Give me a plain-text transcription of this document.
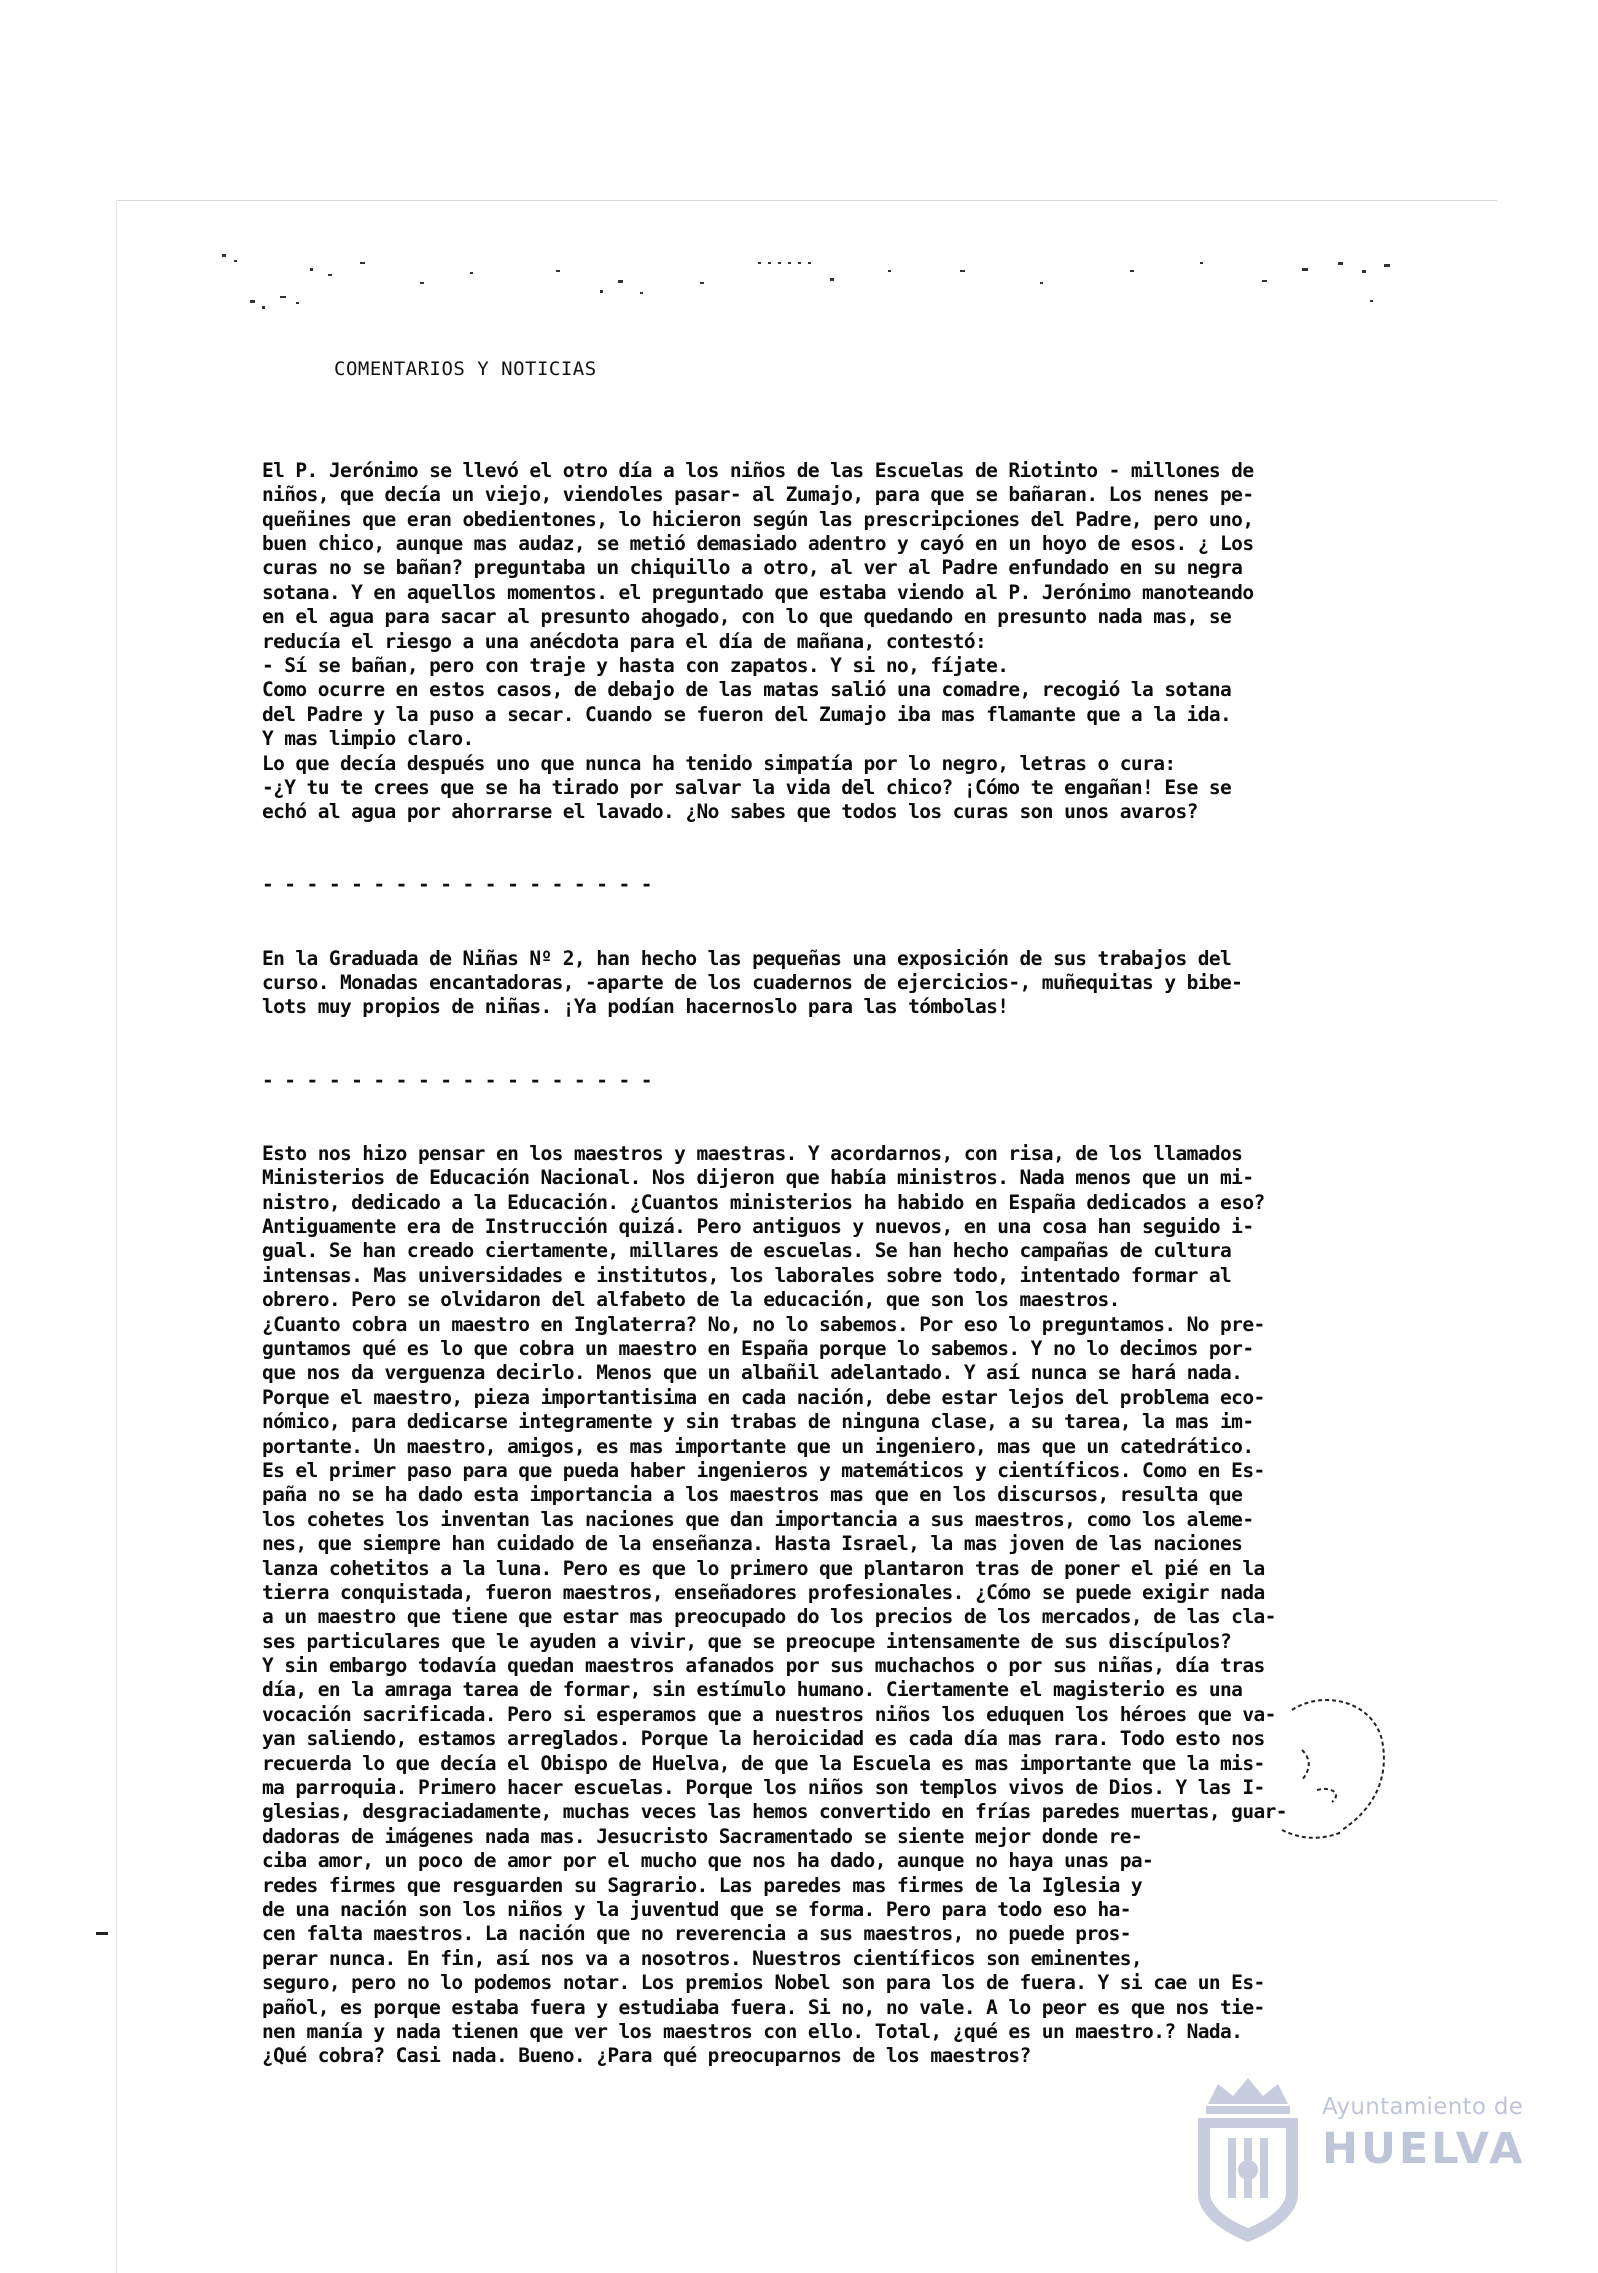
COMENTARIOS Y NOTICIAS

El P. Jerónimo se llevó el otro día a los niños de las Escuelas de Riotinto - millones de
niños, que decía un viejo, viendoles pasar- al Zumajo, para que se bañaran. Los nenes pe-
queñines que eran obedientones, lo hicieron según las prescripciones del Padre, pero uno,
buen chico, aunque mas audaz, se metió demasiado adentro y cayó en un hoyo de esos. ¿ Los
curas no se bañan? preguntaba un chiquillo a otro, al ver al Padre enfundado en su negra
sotana. Y en aquellos momentos. el preguntado que estaba viendo al P. Jerónimo manoteando
en el agua para sacar al presunto ahogado, con lo que quedando en presunto nada mas, se
reducía el riesgo a una anécdota para el día de mañana, contestó:
- Sí se bañan, pero con traje y hasta con zapatos. Y si no, fíjate.
Como ocurre en estos casos, de debajo de las matas salió una comadre, recogió la sotana
del Padre y la puso a secar. Cuando se fueron del Zumajo iba mas flamante que a la ida.
Y mas limpio claro.
Lo que decía después uno que nunca ha tenido simpatía por lo negro, letras o cura:
-¿Y tu te crees que se ha tirado por salvar la vida del chico? ¡Cómo te engañan! Ese se
echó al agua por ahorrarse el lavado. ¿No sabes que todos los curas son unos avaros?

- - - - - - - - - - - - - - - - - -

En la Graduada de Niñas Nº 2, han hecho las pequeñas una exposición de sus trabajos del
curso. Monadas encantadoras, -aparte de los cuadernos de ejercicios-, muñequitas y bibe-
lots muy propios de niñas. ¡Ya podían hacernoslo para las tómbolas!

- - - - - - - - - - - - - - - - - -

Esto nos hizo pensar en los maestros y maestras. Y acordarnos, con risa, de los llamados
Ministerios de Educación Nacional. Nos dijeron que había ministros. Nada menos que un mi-
nistro, dedicado a la Educación. ¿Cuantos ministerios ha habido en España dedicados a eso?
Antiguamente era de Instrucción quizá. Pero antiguos y nuevos, en una cosa han seguido i-
gual. Se han creado ciertamente, millares de escuelas. Se han hecho campañas de cultura
intensas. Mas universidades e institutos, los laborales sobre todo, intentado formar al
obrero. Pero se olvidaron del alfabeto de la educación, que son los maestros.
¿Cuanto cobra un maestro en Inglaterra? No, no lo sabemos. Por eso lo preguntamos. No pre-
guntamos qué es lo que cobra un maestro en España porque lo sabemos. Y no lo decimos por-
que nos da verguenza decirlo. Menos que un albañil adelantado. Y así nunca se hará nada.
Porque el maestro, pieza importantisima en cada nación, debe estar lejos del problema eco-
nómico, para dedicarse integramente y sin trabas de ninguna clase, a su tarea, la mas im-
portante. Un maestro, amigos, es mas importante que un ingeniero, mas que un catedrático.
Es el primer paso para que pueda haber ingenieros y matemáticos y científicos. Como en Es-
paña no se ha dado esta importancia a los maestros mas que en los discursos, resulta que
los cohetes los inventan las naciones que dan importancia a sus maestros, como los aleme-
nes, que siempre han cuidado de la enseñanza. Hasta Israel, la mas joven de las naciones
lanza cohetitos a la luna. Pero es que lo primero que plantaron tras de poner el pié en la
tierra conquistada, fueron maestros, enseñadores profesionales. ¿Cómo se puede exigir nada
a un maestro que tiene que estar mas preocupado do los precios de los mercados, de las cla-
ses particulares que le ayuden a vivir, que se preocupe intensamente de sus discípulos?
Y sin embargo todavía quedan maestros afanados por sus muchachos o por sus niñas, día tras
día, en la amraga tarea de formar, sin estímulo humano. Ciertamente el magisterio es una
vocación sacrificada. Pero si esperamos que a nuestros niños los eduquen los héroes que va-
yan saliendo, estamos arreglados. Porque la heroicidad es cada día mas rara. Todo esto nos
recuerda lo que decía el Obispo de Huelva, de que la Escuela es mas importante que la mis-
ma parroquia. Primero hacer escuelas. Porque los niños son templos vivos de Dios. Y las I-
glesias, desgraciadamente, muchas veces las hemos convertido en frías paredes muertas, guar-
dadoras de imágenes nada mas. Jesucristo Sacramentado se siente mejor donde re-
ciba amor, un poco de amor por el mucho que nos ha dado, aunque no haya unas pa-
redes firmes que resguarden su Sagrario. Las paredes mas firmes de la Iglesia y
de una nación son los niños y la juventud que se forma. Pero para todo eso ha-
cen falta maestros. La nación que no reverencia a sus maestros, no puede pros-
perar nunca. En fin, así nos va a nosotros. Nuestros científicos son eminentes,
seguro, pero no lo podemos notar. Los premios Nobel son para los de fuera. Y si cae un Es-
pañol, es porque estaba fuera y estudiaba fuera. Si no, no vale. A lo peor es que nos tie-
nen manía y nada tienen que ver los maestros con ello. Total, ¿qué es un maestro.? Nada.
¿Qué cobra? Casi nada. Bueno. ¿Para qué preocuparnos de los maestros?

Ayuntamiento de
HUELVA
